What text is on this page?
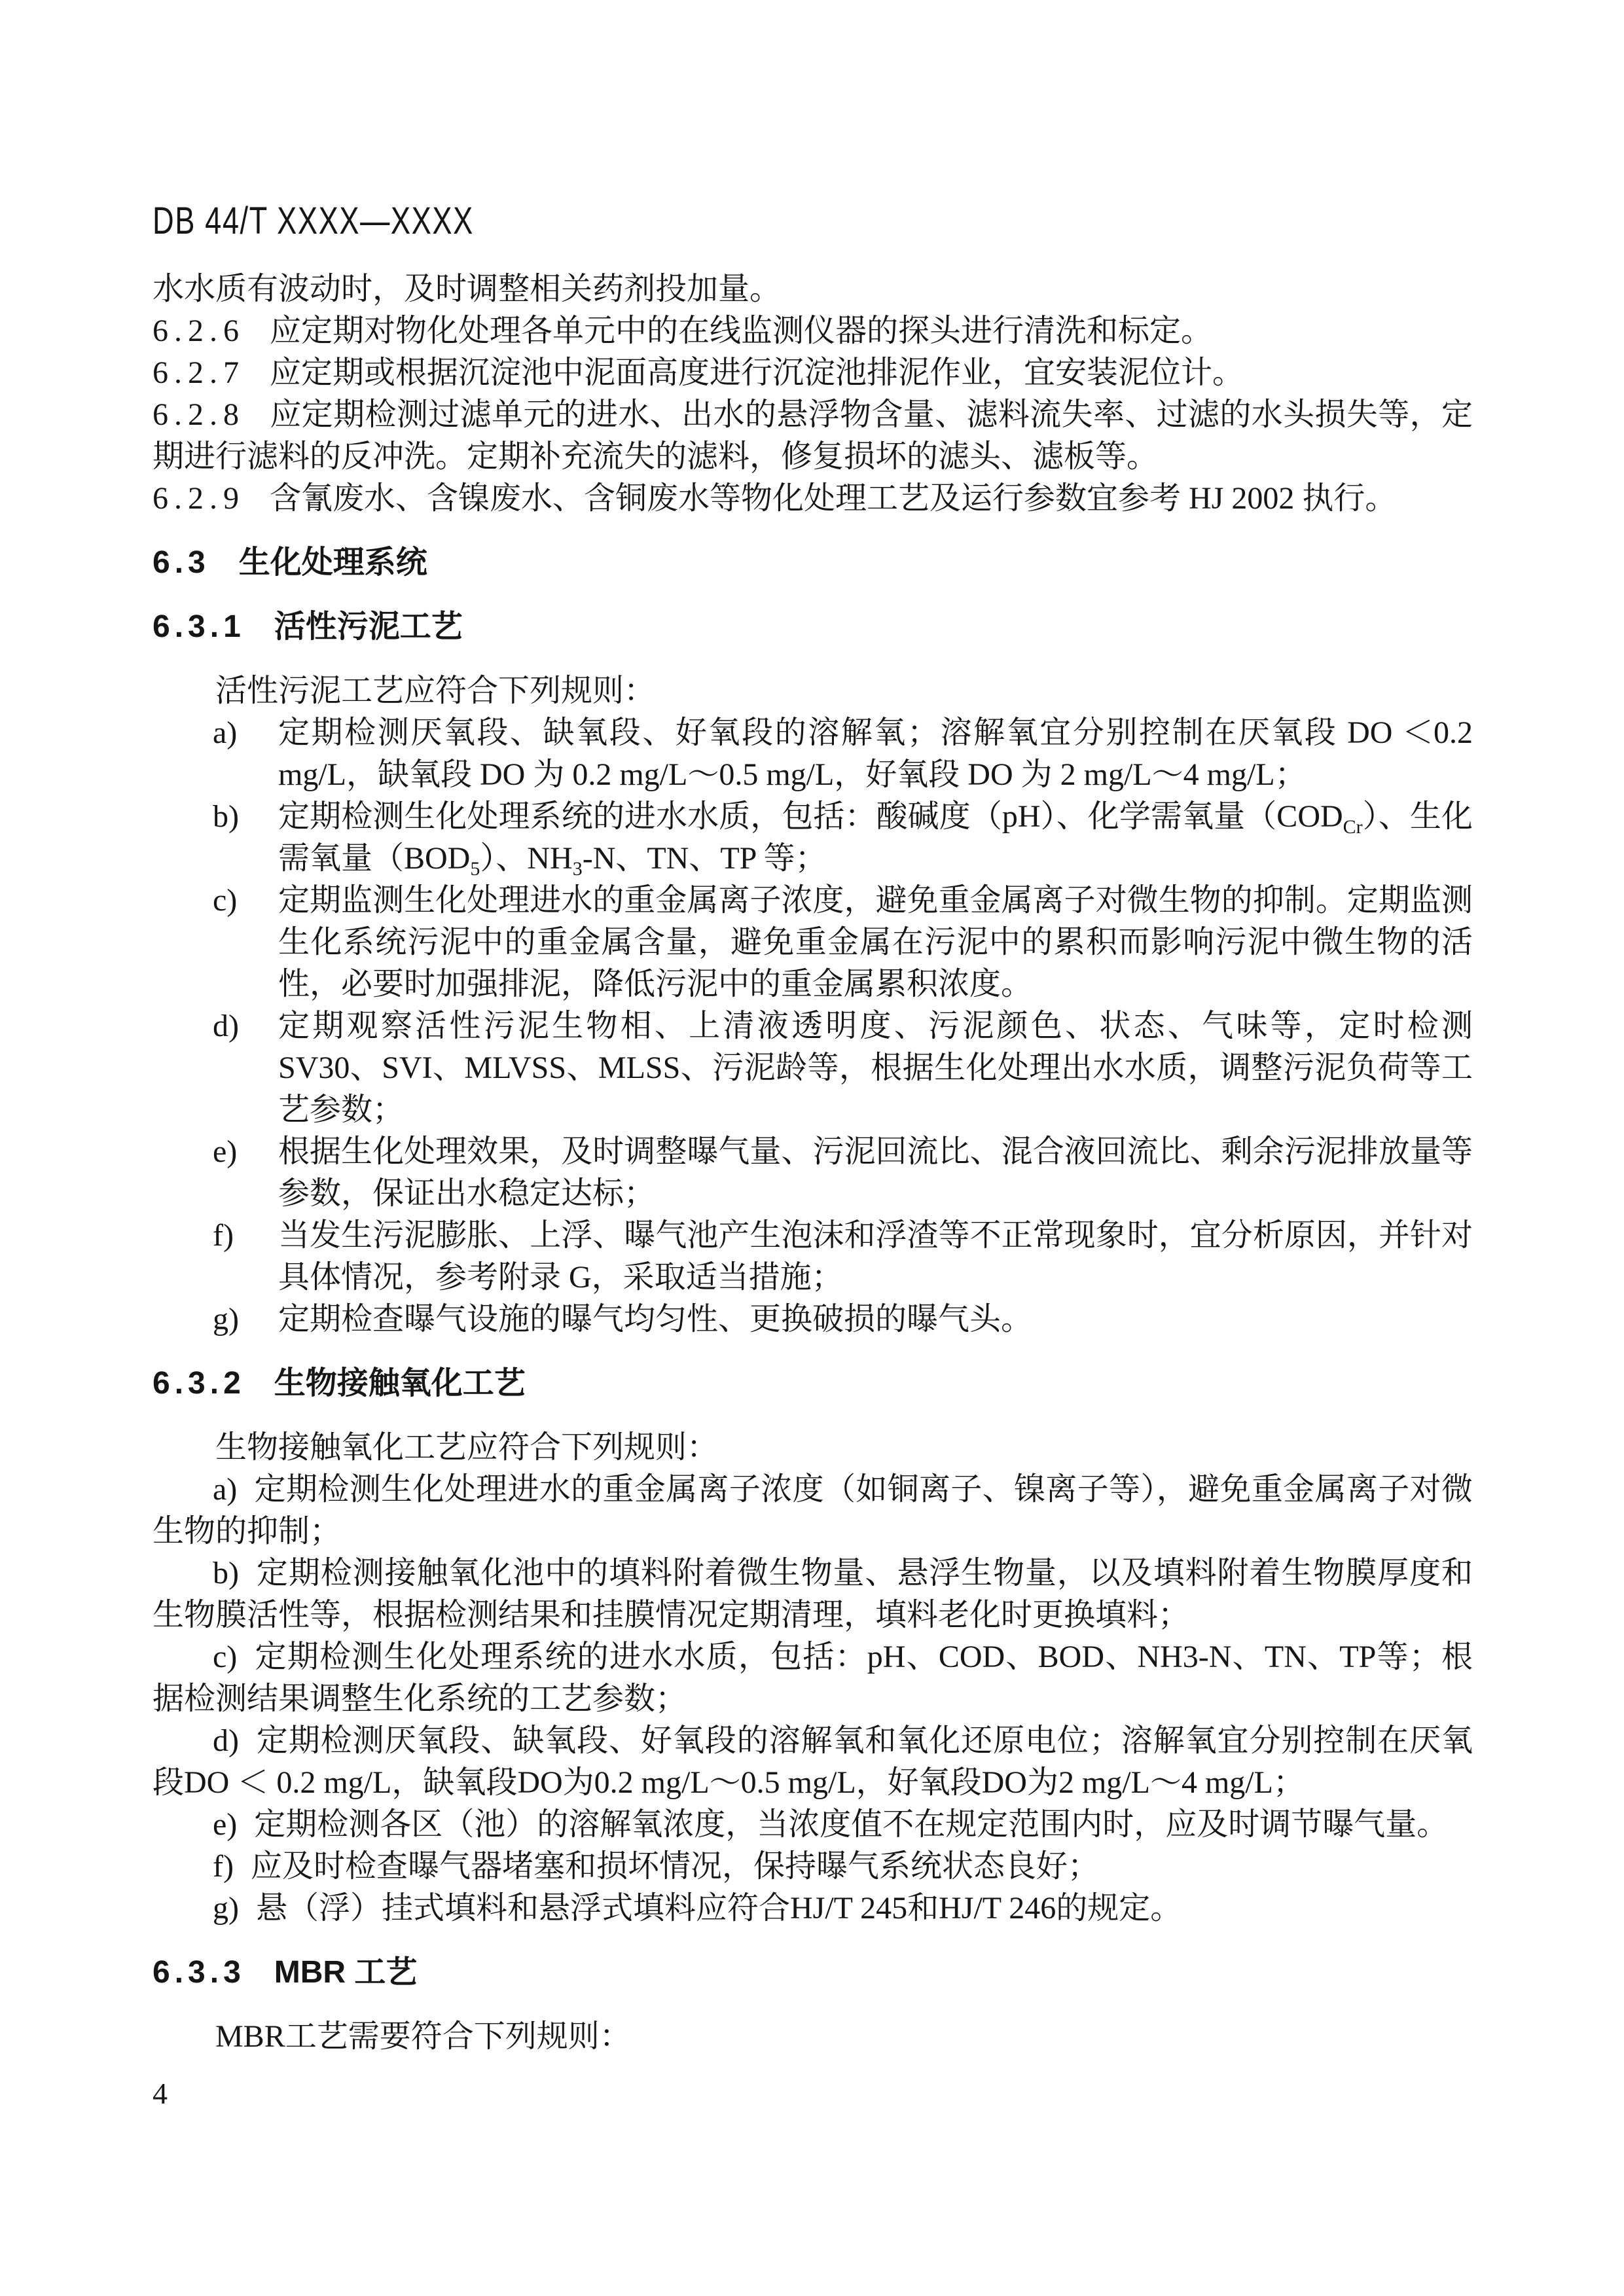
DB 44/T XXXX—XXXX

水水质有波动时，及时调整相关药剂投加量。

6.2.6 应定期对物化处理各单元中的在线监测仪器的探头进行清洗和标定。

6.2.7 应定期或根据沉淀池中泥面高度进行沉淀池排泥作业，宜安装泥位计。

6.2.8 应定期检测过滤单元的进水、出水的悬浮物含量、滤料流失率、过滤的水头损失等，定期进行滤料的反冲洗。定期补充流失的滤料，修复损坏的滤头、滤板等。

6.2.9 含氰废水、含镍废水、含铜废水等物化处理工艺及运行参数宜参考 HJ 2002 执行。

6.3 生化处理系统

6.3.1 活性污泥工艺

活性污泥工艺应符合下列规则：

a) 定期检测厌氧段、缺氧段、好氧段的溶解氧；溶解氧宜分别控制在厌氧段 DO ＜0.2 mg/L，缺氧段 DO 为 0.2 mg/L～0.5 mg/L，好氧段 DO 为 2 mg/L～4 mg/L；
b) 定期检测生化处理系统的进水水质，包括：酸碱度（pH）、化学需氧量$(COD_{Cr})$、生化需氧量$(BOD_5)$、$NH_3-N$、TN、TP 等；
c) 定期监测生化处理进水的重金属离子浓度，避免重金属离子对微生物的抑制。定期监测生化系统污泥中的重金属含量，避免重金属在污泥中的累积而影响污泥中微生物的活性，必要时加强排泥，降低污泥中的重金属累积浓度。
d) 定期观察活性污泥生物相、上清液透明度、污泥颜色、状态、气味等，定时检测 SV30、SVI、MLVSS、MLSS、污泥龄等，根据生化处理出水水质，调整污泥负荷等工艺参数；
e) 根据生化处理效果，及时调整曝气量、污泥回流比、混合液回流比、剩余污泥排放量等参数，保证出水稳定达标；
f) 当发生污泥膨胀、上浮、曝气池产生泡沫和浮渣等不正常现象时，宜分析原因，并针对具体情况，参考附录 G，采取适当措施；
g) 定期检查曝气设施的曝气均匀性、更换破损的曝气头。

6.3.2 生物接触氧化工艺

生物接触氧化工艺应符合下列规则：

a) 定期检测生化处理进水的重金属离子浓度（如铜离子、镍离子等），避免重金属离子对微生物的抑制；

b) 定期检测接触氧化池中的填料附着微生物量、悬浮生物量，以及填料附着生物膜厚度和生物膜活性等，根据检测结果和挂膜情况定期清理，填料老化时更换填料；

c) 定期检测生化处理系统的进水水质，包括：pH、COD、BOD、NH3-N、TN、TP等；根据检测结果调整生化系统的工艺参数；

d) 定期检测厌氧段、缺氧段、好氧段的溶解氧和氧化还原电位；溶解氧宜分别控制在厌氧段DO ＜ 0.2 mg/L，缺氧段DO为0.2 mg/L～0.5 mg/L，好氧段DO为2 mg/L～4 mg/L；

e) 定期检测各区（池）的溶解氧浓度，当浓度值不在规定范围内时，应及时调节曝气量。

f) 应及时检查曝气器堵塞和损坏情况，保持曝气系统状态良好；

g) 悬（浮）挂式填料和悬浮式填料应符合HJ/T 245和HJ/T 246的规定。

6.3.3 MBR 工艺

MBR工艺需要符合下列规则：

4
